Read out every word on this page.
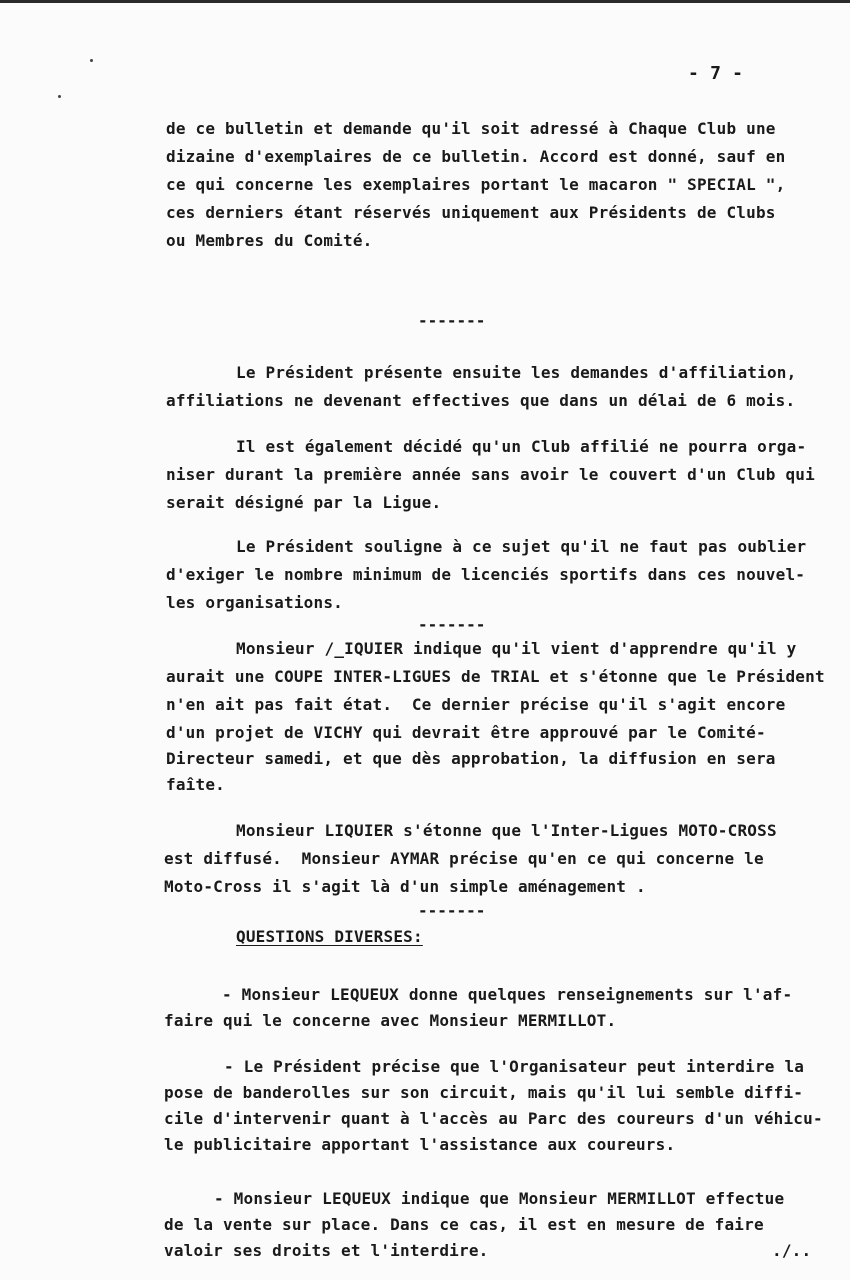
- 7 -
de ce bulletin et demande qu'il soit adressé à Chaque Club une
dizaine d'exemplaires de ce bulletin. Accord est donné, sauf en
ce qui concerne les exemplaires portant le macaron " SPECIAL ",
ces derniers étant réservés uniquement aux Présidents de Clubs
ou Membres du Comité.
-------
Le Président présente ensuite les demandes d'affiliation,
affiliations ne devenant effectives que dans un délai de 6 mois.
Il est également décidé qu'un Club affilié ne pourra orga-
niser durant la première année sans avoir le couvert d'un Club qui
serait désigné par la Ligue.
Le Président souligne à ce sujet qu'il ne faut pas oublier
d'exiger le nombre minimum de licenciés sportifs dans ces nouvel-
les organisations.
-------
Monsieur /_IQUIER indique qu'il vient d'apprendre qu'il y
aurait une COUPE INTER-LIGUES de TRIAL et s'étonne que le Président
n'en ait pas fait état.  Ce dernier précise qu'il s'agit encore
d'un projet de VICHY qui devrait être approuvé par le Comité-
Directeur samedi, et que dès approbation, la diffusion en sera
faîte.
Monsieur LIQUIER s'étonne que l'Inter-Ligues MOTO-CROSS
est diffusé.  Monsieur AYMAR précise qu'en ce qui concerne le
Moto-Cross il s'agit là d'un simple aménagement .
-------
QUESTIONS DIVERSES:
- Monsieur LEQUEUX donne quelques renseignements sur l'af-
faire qui le concerne avec Monsieur MERMILLOT.
- Le Président précise que l'Organisateur peut interdire la
pose de banderolles sur son circuit, mais qu'il lui semble diffi-
cile d'intervenir quant à l'accès au Parc des coureurs d'un véhicu-
le publicitaire apportant l'assistance aux coureurs.
- Monsieur LEQUEUX indique que Monsieur MERMILLOT effectue
de la vente sur place. Dans ce cas, il est en mesure de faire
valoir ses droits et l'interdire.	./..
